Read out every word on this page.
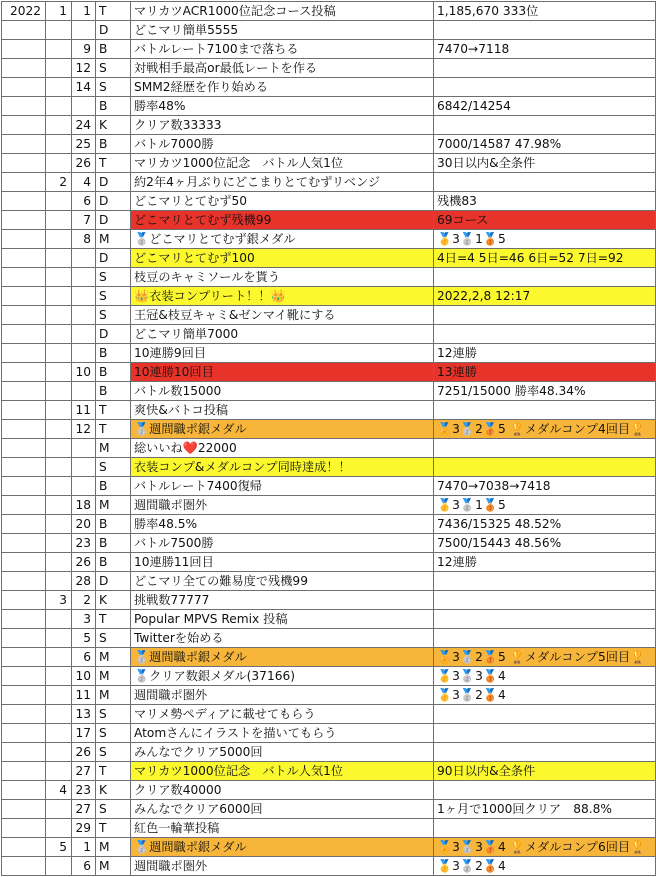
2022	1	1	T	マリカツACR1000位記念コース投稿	1,185,670 333位
			D	どこマリ簡単5555	
		9	B	バトルレート7100まで落ちる	7470→7118
		12	S	対戦相手最高or最低レートを作る	
		14	S	SMM2経歴を作り始める	
			B	勝率48%	6842/14254
		24	K	クリア数33333	
		25	B	バトル7000勝	7000/14587 47.98%
		26	T	マリカツ1000位記念　バトル人気1位	30日以内&全条件
	2	4	D	約2年4ヶ月ぶりにどこまりとてむずリベンジ	
		6	D	どこマリとてむず50	残機83
		7	D	どこマリとてむず残機99	69コース
		8	M	🥈どこマリとてむず銀メダル	🥇3🥈1🥉5
			D	どこマリとてむず100	4日=4 5日=46 6日=52 7日=92
			S	枝豆のキャミソールを貰う	
			S	👑衣装コンプリート！！👑	2022,2,8 12:17
			S	王冠&枝豆キャミ&ゼンマイ靴にする	
			D	どこマリ簡単7000	
			B	10連勝9回目	12連勝
		10	B	10連勝10回目	13連勝
			B	バトル数15000	7251/15000 勝率48.34%
		11	T	爽快&バトコ投稿	
		12	T	🥈週間職ポ銀メダル	🏅3🥈2🥉5 🏆メダルコンプ4回目🏆
			M	総いいね❤️22000	
			S	衣装コンプ&メダルコンプ同時達成！！	
			B	バトルレート7400復帰	7470→7038→7418
		18	M	週間職ポ圏外	🥇3🥈1🥉5
		20	B	勝率48.5%	7436/15325 48.52%
		23	B	バトル7500勝	7500/15443 48.56%
		26	B	10連勝11回目	12連勝
		28	D	どこマリ全ての難易度で残機99	
	3	2	K	挑戦数77777	
		3	T	Popular MPVS Remix 投稿	
		5	S	Twitterを始める	
		6	M	🥈週間職ポ銀メダル	🏅3🥈2🥉5 🏆メダルコンプ5回目🏆
		10	M	🥈クリア数銀メダル(37166)	🥇3🥈3🥉4
		11	M	週間職ポ圏外	🥇3🥈2🥉4
		13	S	マリメ勢ペディアに載せてもらう	
		17	S	Atomさんにイラストを描いてもらう	
		26	S	みんなでクリア5000回	
		27	T	マリカツ1000位記念　バトル人気1位	90日以内&全条件
	4	23	K	クリア数40000	
		27	S	みんなでクリア6000回	1ヶ月で1000回クリア　88.8%
		29	T	紅色一輪華投稿	
	5	1	M	🥈週間職ポ銀メダル	🏅3🥈3🥉4 🏆メダルコンプ6回目🏆
		6	M	週間職ポ圏外	🥇3🥈2🥉4
